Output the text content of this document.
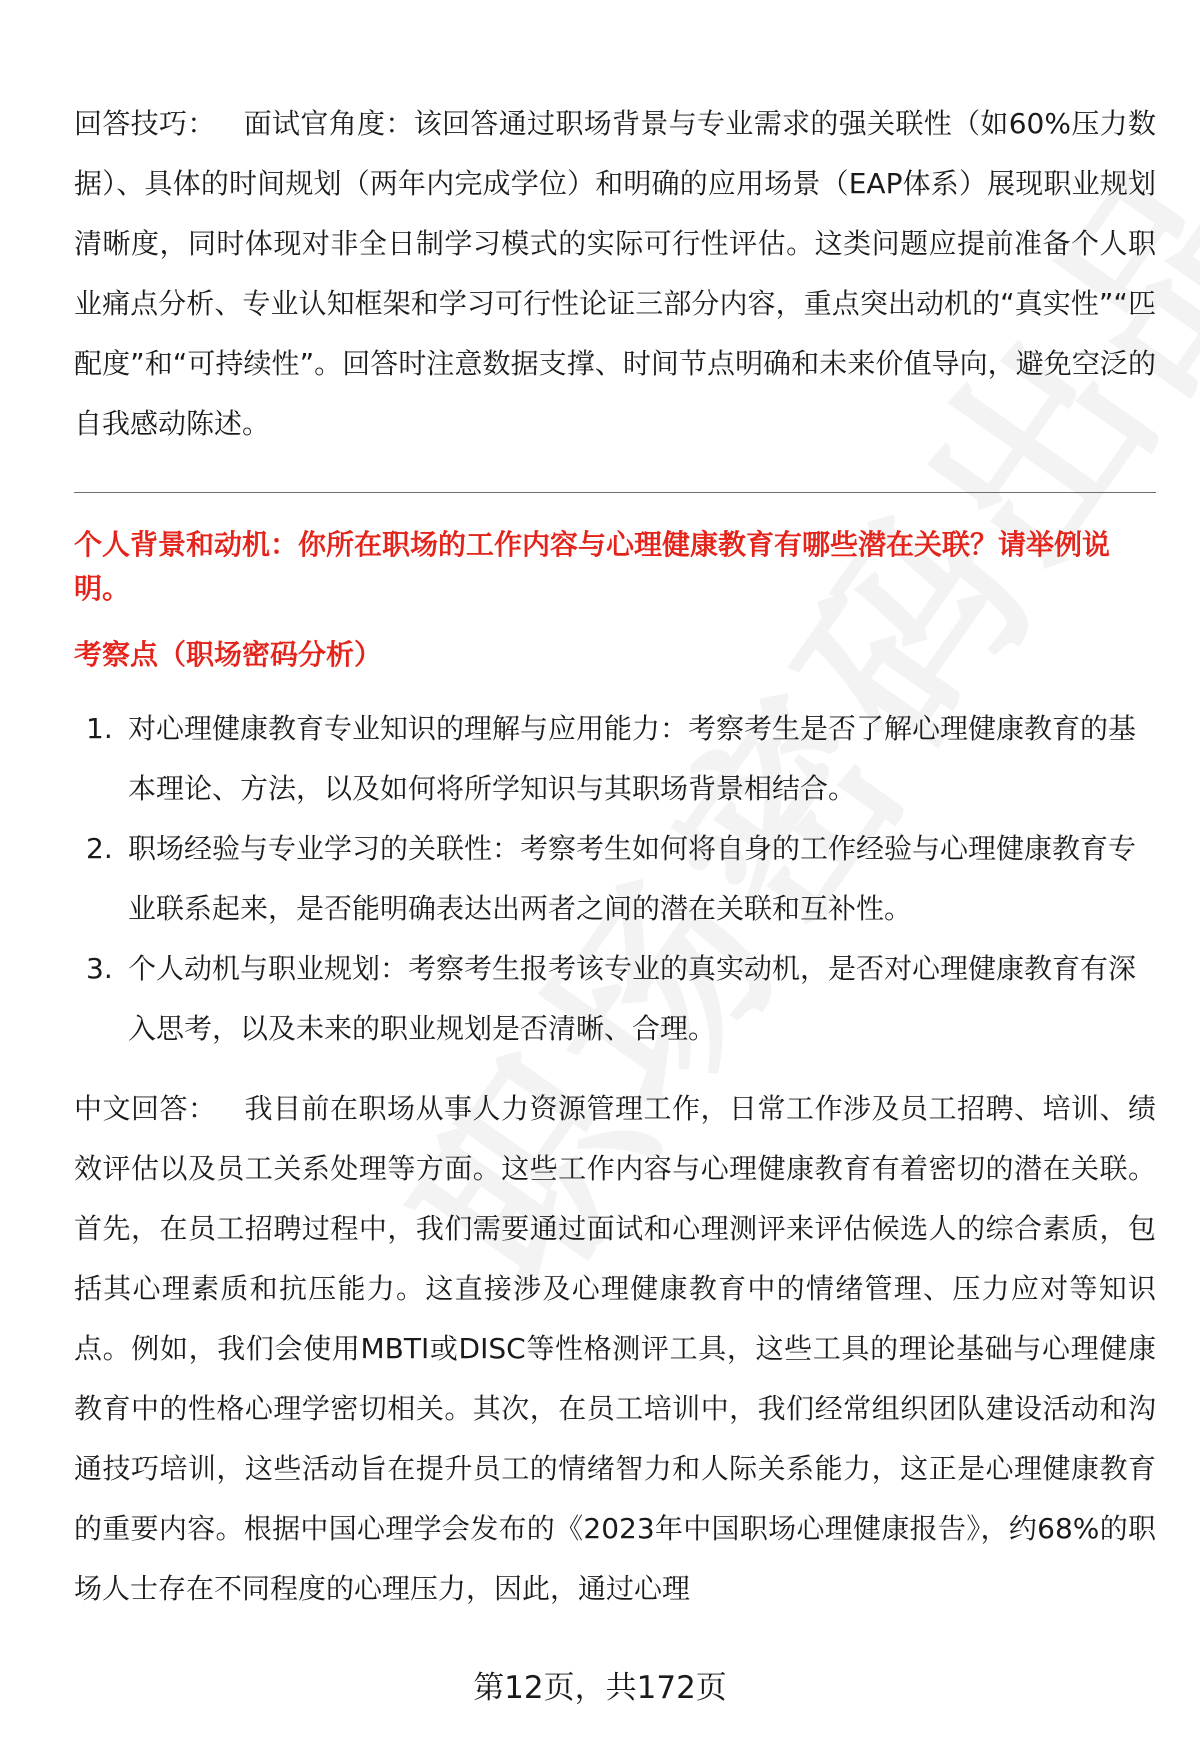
回答技巧： 面试官角度：该回答通过职场背景与专业需求的强关联性（如60%压力数据）、具体的时间规划（两年内完成学位）和明确的应用场景（EAP体系）展现职业规划清晰度，同时体现对非全日制学习模式的实际可行性评估。这类问题应提前准备个人职业痛点分析、专业认知框架和学习可行性论证三部分内容，重点突出动机的“真实性”“匹配度”和“可持续性”。回答时注意数据支撑、时间节点明确和未来价值导向，避免空泛的自我感动陈述。

个人背景和动机：你所在职场的工作内容与心理健康教育有哪些潜在关联？请举例说明。

考察点（职场密码分析）

1. 对心理健康教育专业知识的理解与应用能力：考察考生是否了解心理健康教育的基本理论、方法，以及如何将所学知识与其职场背景相结合。
2. 职场经验与专业学习的关联性：考察考生如何将自身的工作经验与心理健康教育专业联系起来，是否能明确表达出两者之间的潜在关联和互补性。
3. 个人动机与职业规划：考察考生报考该专业的真实动机，是否对心理健康教育有深入思考，以及未来的职业规划是否清晰、合理。

中文回答： 我目前在职场从事人力资源管理工作，日常工作涉及员工招聘、培训、绩效评估以及员工关系处理等方面。这些工作内容与心理健康教育有着密切的潜在关联。首先，在员工招聘过程中，我们需要通过面试和心理测评来评估候选人的综合素质，包括其心理素质和抗压能力。这直接涉及心理健康教育中的情绪管理、压力应对等知识点。例如，我们会使用MBTI或DISC等性格测评工具，这些工具的理论基础与心理健康教育中的性格心理学密切相关。其次，在员工培训中，我们经常组织团队建设活动和沟通技巧培训，这些活动旨在提升员工的情绪智力和人际关系能力，这正是心理健康教育的重要内容。根据中国心理学会发布的《2023年中国职场心理健康报告》，约68%的职场人士存在不同程度的心理压力，因此，通过心理

第12页，共172页
